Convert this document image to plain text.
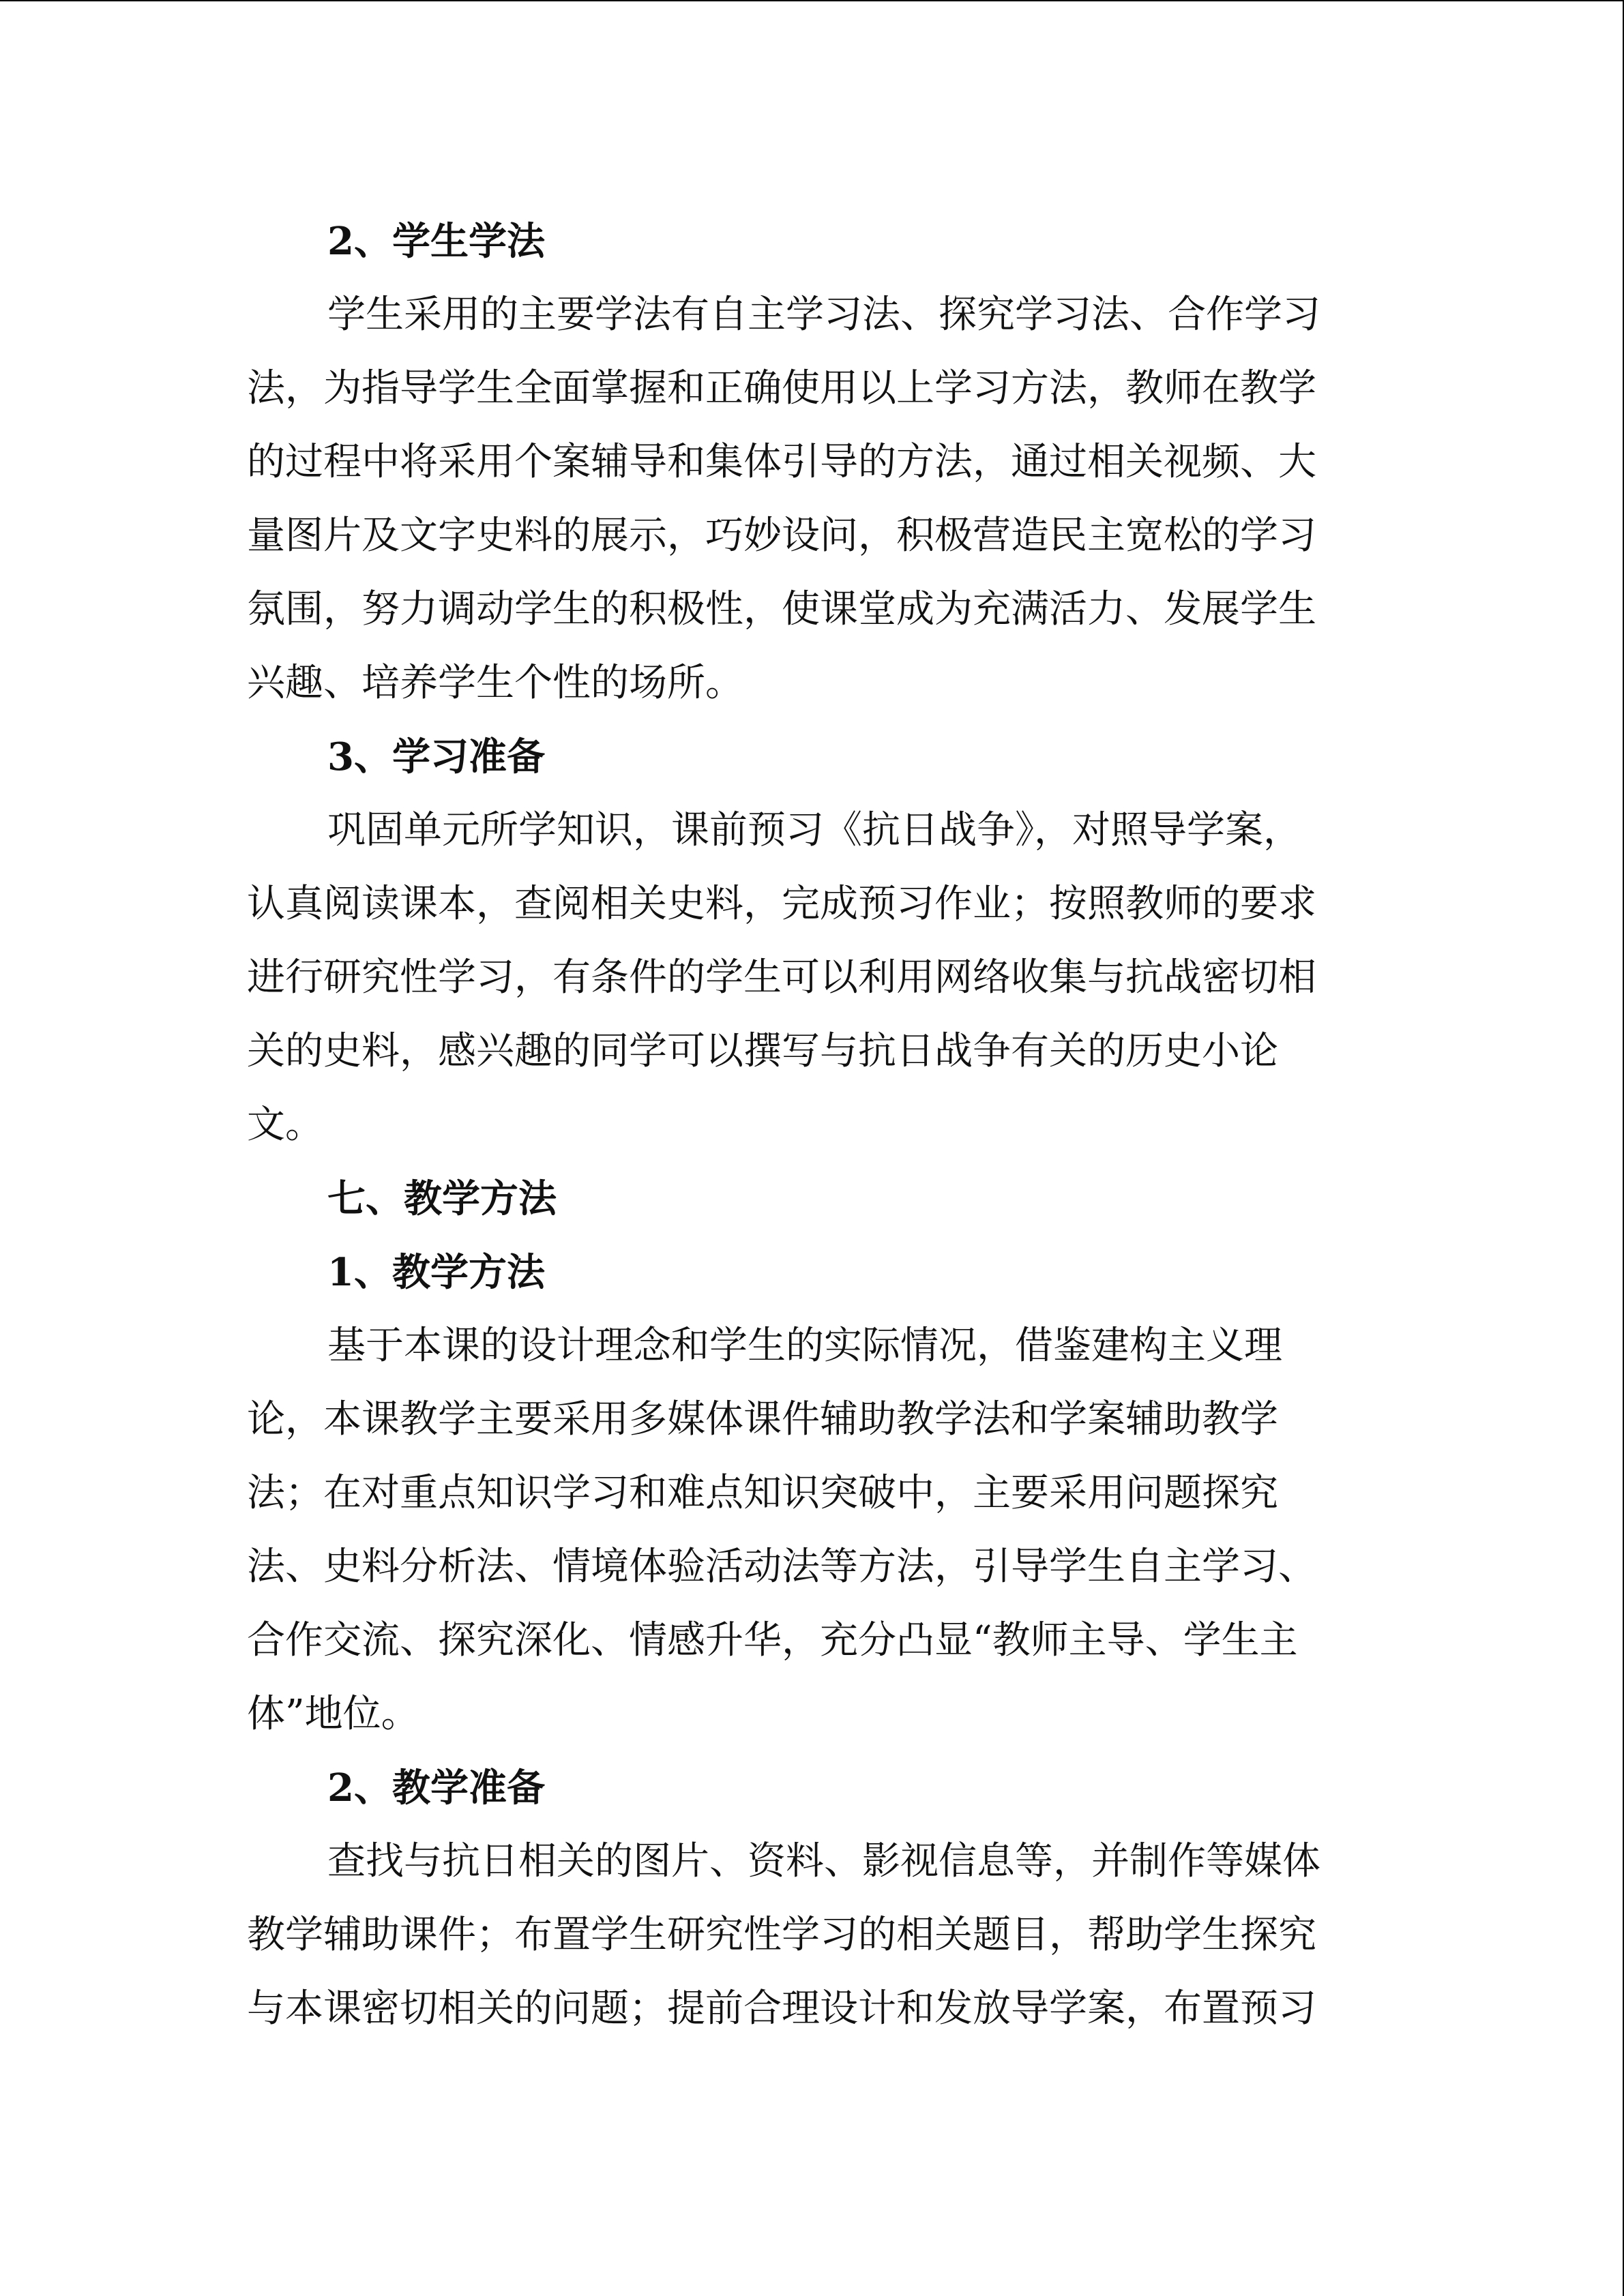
2、学生学法
学生采用的主要学法有自主学习法、探究学习法、合作学习
法，为指导学生全面掌握和正确使用以上学习方法，教师在教学
的过程中将采用个案辅导和集体引导的方法，通过相关视频、大
量图片及文字史料的展示，巧妙设问，积极营造民主宽松的学习
氛围，努力调动学生的积极性，使课堂成为充满活力、发展学生
兴趣、培养学生个性的场所。
3、学习准备
巩固单元所学知识，课前预习《抗日战争》，对照导学案，
认真阅读课本，查阅相关史料，完成预习作业；按照教师的要求
进行研究性学习，有条件的学生可以利用网络收集与抗战密切相
关的史料，感兴趣的同学可以撰写与抗日战争有关的历史小论
文。
七、教学方法
1、教学方法
基于本课的设计理念和学生的实际情况，借鉴建构主义理
论，本课教学主要采用多媒体课件辅助教学法和学案辅助教学
法；在对重点知识学习和难点知识突破中，主要采用问题探究
法、史料分析法、情境体验活动法等方法，引导学生自主学习、
合作交流、探究深化、情感升华，充分凸显“教师主导、学生主
体”地位。
2、教学准备
查找与抗日相关的图片、资料、影视信息等，并制作等媒体
教学辅助课件；布置学生研究性学习的相关题目，帮助学生探究
与本课密切相关的问题；提前合理设计和发放导学案，布置预习
